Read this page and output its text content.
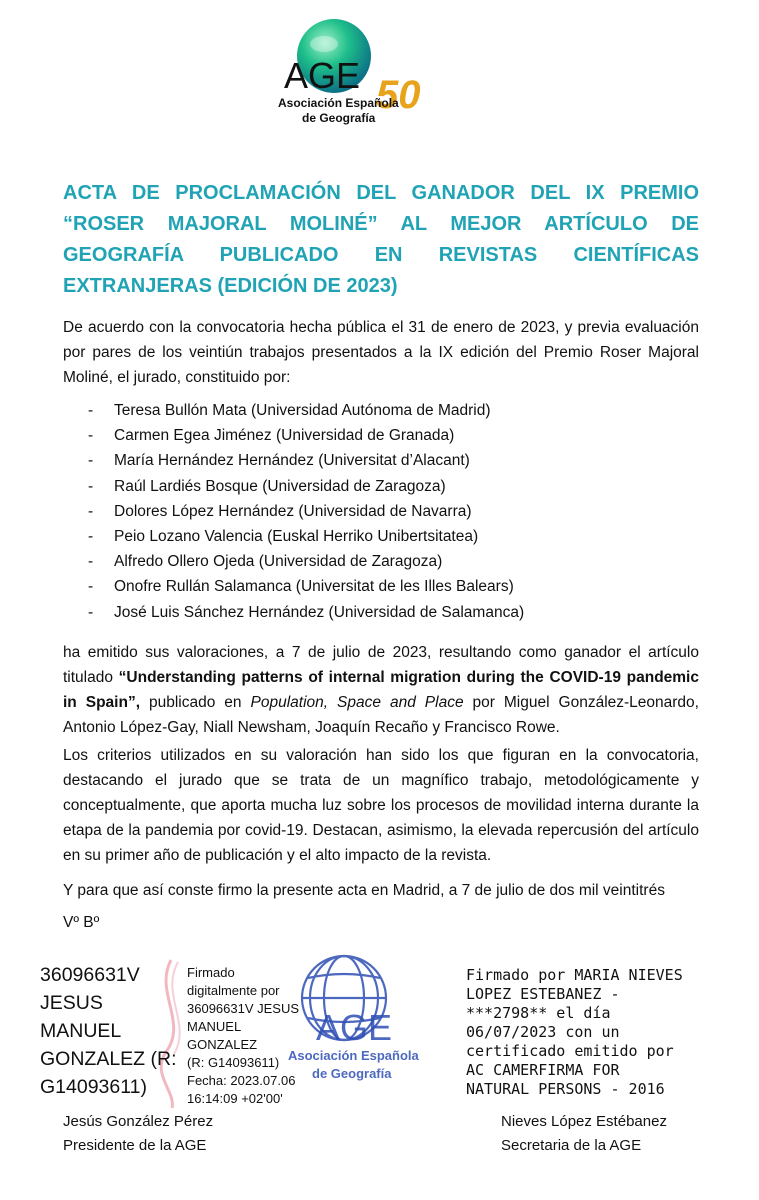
AGE 50
Asociación Española
de Geografía
ACTA DE PROCLAMACIÓN DEL GANADOR DEL IX PREMIO “ROSER MAJORAL MOLINÉ” AL MEJOR ARTÍCULO DE GEOGRAFÍA PUBLICADO EN REVISTAS CIENTÍFICAS EXTRANJERAS (EDICIÓN DE 2023)

De acuerdo con la convocatoria hecha pública el 31 de enero de 2023, y previa evaluación por pares de los veintiún trabajos presentados a la IX edición del Premio Roser Majoral Moliné, el jurado, constituido por:

- Teresa Bullón Mata (Universidad Autónoma de Madrid)
- Carmen Egea Jiménez (Universidad de Granada)
- María Hernández Hernández (Universitat d’Alacant)
- Raúl Lardiés Bosque (Universidad de Zaragoza)
- Dolores López Hernández (Universidad de Navarra)
- Peio Lozano Valencia (Euskal Herriko Unibertsitatea)
- Alfredo Ollero Ojeda (Universidad de Zaragoza)
- Onofre Rullán Salamanca (Universitat de les Illes Balears)
- José Luis Sánchez Hernández (Universidad de Salamanca)

ha emitido sus valoraciones, a 7 de julio de 2023, resultando como ganador el artículo titulado “Understanding patterns of internal migration during the COVID-19 pandemic in Spain”, publicado en Population, Space and Place por Miguel González-Leonardo, Antonio López-Gay, Niall Newsham, Joaquín Recaño y Francisco Rowe.

Los criterios utilizados en su valoración han sido los que figuran en la convocatoria, destacando el jurado que se trata de un magnífico trabajo, metodológicamente y conceptualmente, que aporta mucha luz sobre los procesos de movilidad interna durante la etapa de la pandemia por covid-19. Destacan, asimismo, la elevada repercusión del artículo en su primer año de publicación y el alto impacto de la revista.

Y para que así conste firmo la presente acta en Madrid, a 7 de julio de dos mil veintitrés

Vº Bº

36096631V
JESUS
MANUEL
GONZALEZ (R:
G14093611)
Firmado
digitalmente por
36096631V JESUS
MANUEL GONZALEZ
(R: G14093611)
Fecha: 2023.07.06
16:14:09 +02'00'
AGE
Asociación Española
de Geografía

Firmado por MARIA NIEVES
LOPEZ ESTEBANEZ -
***2798** el día
06/07/2023 con un
certificado emitido por
AC CAMERFIRMA FOR
NATURAL PERSONS - 2016

Jesús González Pérez
Presidente de la AGE

Nieves López Estébanez
Secretaria de la AGE
